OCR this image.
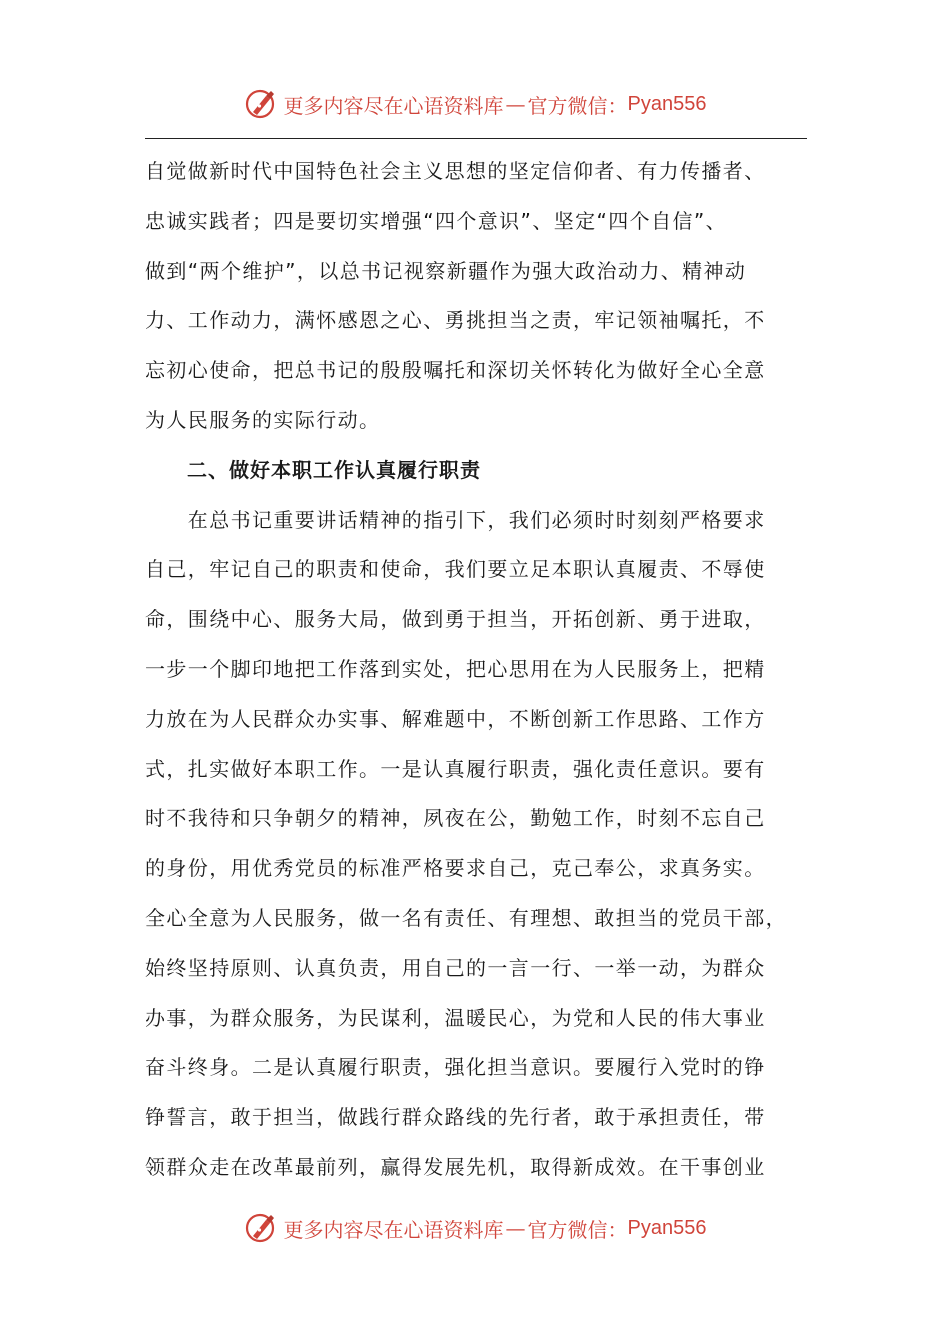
更多内容尽在心语资料库 — 官方微信： Pyan556
自觉做新时代中国特色社会主义思想的坚定信仰者、有力传播者、
忠诚实践者；四是要切实增强“四个意识”、坚定“四个自信”、
做到“两个维护”，以总书记视察新疆作为强大政治动力、精神动
力、工作动力，满怀感恩之心、勇挑担当之责，牢记领袖嘱托，不
忘初心使命，把总书记的殷殷嘱托和深切关怀转化为做好全心全意
为人民服务的实际行动。
　　二、做好本职工作认真履行职责
　　在总书记重要讲话精神的指引下，我们必须时时刻刻严格要求
自己，牢记自己的职责和使命，我们要立足本职认真履责、不辱使
命，围绕中心、服务大局，做到勇于担当，开拓创新、勇于进取，
一步一个脚印地把工作落到实处，把心思用在为人民服务上，把精
力放在为人民群众办实事、解难题中，不断创新工作思路、工作方
式，扎实做好本职工作。一是认真履行职责，强化责任意识。要有
时不我待和只争朝夕的精神，夙夜在公，勤勉工作，时刻不忘自己
的身份，用优秀党员的标准严格要求自己，克己奉公，求真务实。
全心全意为人民服务，做一名有责任、有理想、敢担当的党员干部，
始终坚持原则、认真负责，用自己的一言一行、一举一动，为群众
办事，为群众服务，为民谋利，温暖民心，为党和人民的伟大事业
奋斗终身。二是认真履行职责，强化担当意识。要履行入党时的铮
铮誓言，敢于担当，做践行群众路线的先行者，敢于承担责任，带
领群众走在改革最前列，赢得发展先机，取得新成效。在干事创业
更多内容尽在心语资料库 — 官方微信： Pyan556
